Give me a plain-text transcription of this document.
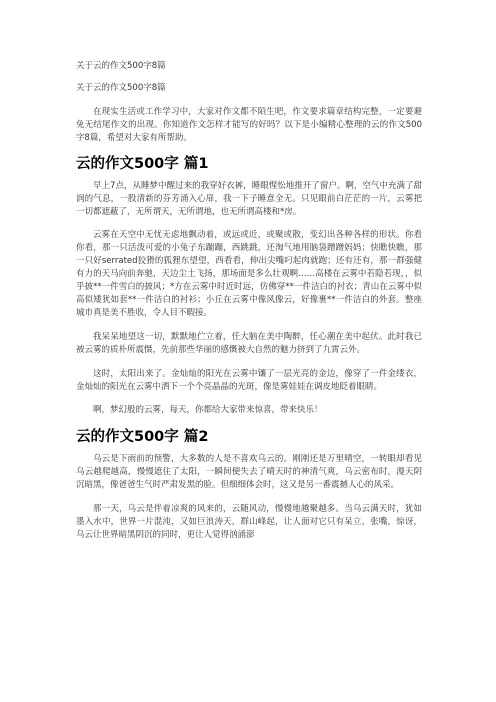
关于云的作文500字8篇

关于云的作文500字8篇

在现实生活或工作学习中，大家对作文都不陌生吧，作文要求篇章结构完整，一定要避免无结尾作文的出现。你知道作文怎样才能写的好吗？以下是小编精心整理的云的作文500字8篇，希望对大家有所帮助。

云的作文500字 篇1

早上7点，从睡梦中醒过来的我穿好衣裤，睡眼惺忪地推开了窗户。啊，空气中充满了甜润的气息，一股清新的芬芳涌入心扉，我一下子睡意全无。只见眼前白茫茫的一片，云雾把一切都遮蔽了，无所谓天，无所谓地，也无所谓高楼和*房。

云雾在天空中无忧无虑地飘动着，或远或近，或聚或散，变幻出各种各样的形状。你看你看，那一只活泼可爱的小兔子东蹦蹦，西跳跳，还淘气地用脑袋蹭蹭妈妈；快瞧快瞧，那一只好serrated狡猾的狐狸东望望，西看看，伸出尖嘴叼起肉就跑；还有还有，那一群强健有力的天马向前奔驰，天边尘土飞扬，那场面是多么壮观啊……高楼在云雾中若隐若现，，似乎披**一件雪白的披风；*方在云雾中时近时远，仿佛穿**一件洁白的衬衣；青山在云雾中似高似矮犹如套**一件洁白的衬衫；小丘在云雾中像风像云，好像裹**一件洁白的外套。整座城市真是美不胜收，令人目不暇接。

我呆呆地望这一切，默默地伫立着，任大脑在美中陶醉，任心潮在美中起伏。此时我已被云雾的质朴所震慑，先前那些华丽的感慨被大自然的魅力挤到了九霄云外。

这时，太阳出来了。金灿灿的阳光在云雾中镶了一层光亮的金边，像穿了一件金缕衣，金灿灿的阳光在云雾中洒下一个个亮晶晶的光斑，像是雾娃娃在调皮地眨着眼睛。

啊，梦幻般的云雾，每天，你都给大家带来惊喜，带来快乐！

云的作文500字 篇2

乌云是下雨前的预警，大多数的人是不喜欢乌云的。刚刚还是万里晴空，一转眼却看见乌云越爬越高，慢慢遮住了太阳，一瞬间便失去了晴天时的神清气爽，乌云密布时，漫天阴沉暗黑，像爸爸生气时严肃发黑的脸。但细细体会时，这又是另一番震撼人心的风采。

那一天，乌云是伴着凉爽的风来的，云随风动，慢慢地越聚越多。当乌云满天时，犹如墨入水中，世界一片混沌，又如巨浪涛天，群山峰起，让人面对它只有呆立，张嘴，惊讶，乌云让世界暗黑阴沉的同时，更让人觉得汹涌澎
